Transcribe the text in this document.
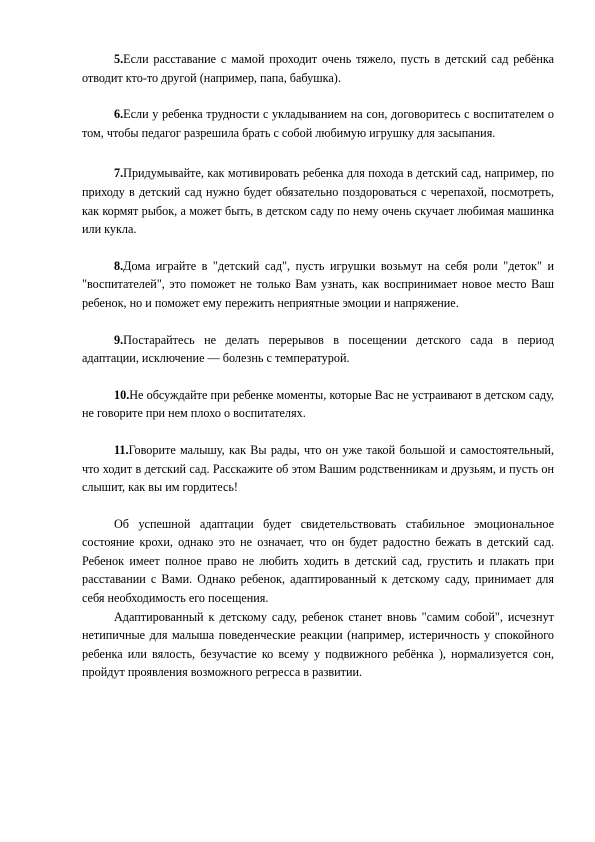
5.Если расставание с мамой проходит очень тяжело, пусть в детский сад ребёнка отводит кто-то другой (например, папа, бабушка).

6.Если у ребенка трудности с укладыванием на сон, договоритесь с воспитателем о том, чтобы педагог разрешила брать с собой любимую игрушку для засыпания.

7.Придумывайте, как мотивировать ребенка для похода в детский сад, например, по приходу в детский сад нужно будет обязательно поздороваться с черепахой, посмотреть, как кормят рыбок, а может быть, в детском саду по нему очень скучает любимая машинка или кукла.

8.Дома играйте в "детский сад", пусть игрушки возьмут на себя роли "деток" и "воспитателей", это поможет не только Вам узнать, как воспринимает новое место Ваш ребенок, но и поможет ему пережить неприятные эмоции и напряжение.

9.Постарайтесь не делать перерывов в посещении детского сада в период адаптации, исключение — болезнь с температурой.

10.Не обсуждайте при ребенке моменты, которые Вас не устраивают в детском саду, не говорите при нем плохо о воспитателях.

11.Говорите малышу, как Вы рады, что он уже такой большой и самостоятельный, что ходит в детский сад. Расскажите об этом Вашим родственникам и друзьям, и пусть он слышит, как вы им гордитесь!

Об успешной адаптации будет свидетельствовать стабильное эмоциональное состояние крохи, однако это не означает, что он будет радостно бежать в детский сад. Ребенок имеет полное право не любить ходить в детский сад, грустить и плакать при расставании с Вами. Однако ребенок, адаптированный к детскому саду, принимает для себя необходимость его посещения.

Адаптированный к детскому саду, ребенок станет вновь "самим собой", исчезнут нетипичные для малыша поведенческие реакции (например, истеричность у спокойного ребенка или вялость, безучастие ко всему у подвижного ребёнка ), нормализуется сон, пройдут проявления возможного регресса в развитии.
